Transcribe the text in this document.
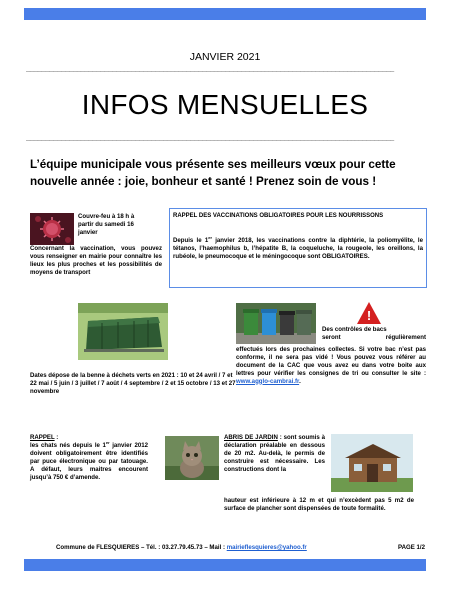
JANVIER 2021
______________________________________________________________________________________________
INFOS MENSUELLES
______________________________________________________________________________________________
L’équipe municipale vous présente ses meilleurs vœux pour cette nouvelle année : joie, bonheur et santé ! Prenez soin de vous !
Couvre-feu à 18 h à
partir du samedi 16
janvier
Concernant la vaccination, vous pouvez vous renseigner en mairie pour connaître les lieux les plus proches et les possibilités de moyens de transport
RAPPEL DES VACCINATIONS OBLIGATOIRES POUR LES NOURRISSONS
Depuis le 1er janvier 2018, les vaccinations contre la diphtérie, la poliomyélite, le tétanos, l’haemophilus b, l’hépatite B, la coqueluche, la rougeole, les oreillons, la rubéole, le pneumocoque et le méningocoque sont OBLIGATOIRES.
Dates dépose de la benne à déchets verts en 2021 : 10 et 24 avril / 7 et 22 mai / 5 juin / 3 juillet / 7 août / 4 septembre / 2 et 15 octobre / 13 et 27 novembre
!
Des contrôles de bacs
seront régulièrement
effectués lors des prochaines collectes. Si votre bac n’est pas conforme, il ne sera pas vidé ! Vous pouvez vous référer au document de la CAC que vous avez eu dans votre boite aux lettres pour vérifier les consignes de tri ou consulter le site : www.agglo-cambrai.fr.
RAPPEL :
les chats nés depuis le 1er janvier 2012 doivent obligatoirement être identifiés par puce électronique ou par tatouage. A défaut, leurs maitres encourent jusqu’à 750 € d’amende.
ABRIS DE JARDIN : sont soumis à déclaration préalable en dessous de 20 m2. Au-delà, le permis de construire est nécessaire. Les constructions dont la
hauteur est inférieure à 12 m et qui n’excèdent pas 5 m2 de surface de plancher sont dispensées de toute formalité.
Commune de FLESQUIERES – Tél. : 03.27.79.45.73 – Mail : mairieflesquieres@yahoo.fr	PAGE 1/2
